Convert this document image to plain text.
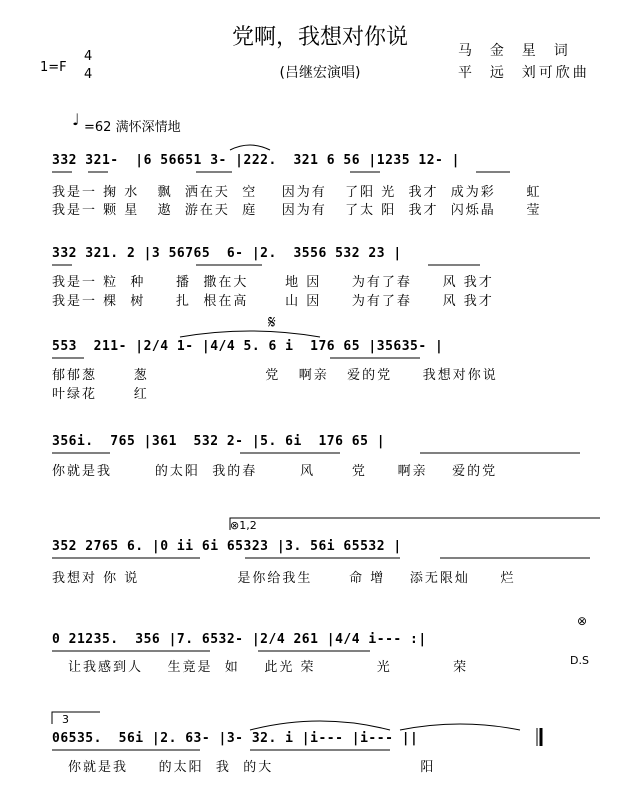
党啊，我想对你说
(吕继宏演唱)
马  金  星  词
平  远  刘可欣曲
1=F
4
4
♩ =62 满怀深情地
332 321-  |6 56651 3- |222.  321 6 56 |1235 12- |
我是一 掬 水   飘  洒在天  空    因为有   了阳 光  我才  成为彩     虹
我是一 颗 星   遨  游在天  庭    因为有   了太 阳  我才  闪烁晶     莹
332 321. 2 |3 56765  6- |2.  3556 532 23 |
我是一 粒  种     播  撒在大      地 因     为有了春     风 我才
我是一 棵  树     扎  根在高      山 因     为有了春     风 我才
𝄋
553  211- |2/4 1- |4/4 5. 6 i  176 65 |35635- |
郁郁葱      葱                   党   啊亲   爱的党     我想对你说
叶绿花      红
356i.  765 |361  532 2- |5. 6i  176 65 |
你就是我       的太阳  我的春       风      党     啊亲    爱的党
⊗1,2
352 2765 6. |0 ii 6i 65323 |3. 56i 65532 |
我想对 你 说                是你给我生      命 增    添无限灿     烂
⊗
0 21235.  356 |7. 6532- |2/4 261 |4/4 i--- :|
让我感到人    生竟是  如    此光 荣          光          荣	D.S
3
06535.  56i |2. 63- |3- 32. i |i--- |i--- ||
你就是我     的太阳  我  的大                        阳
